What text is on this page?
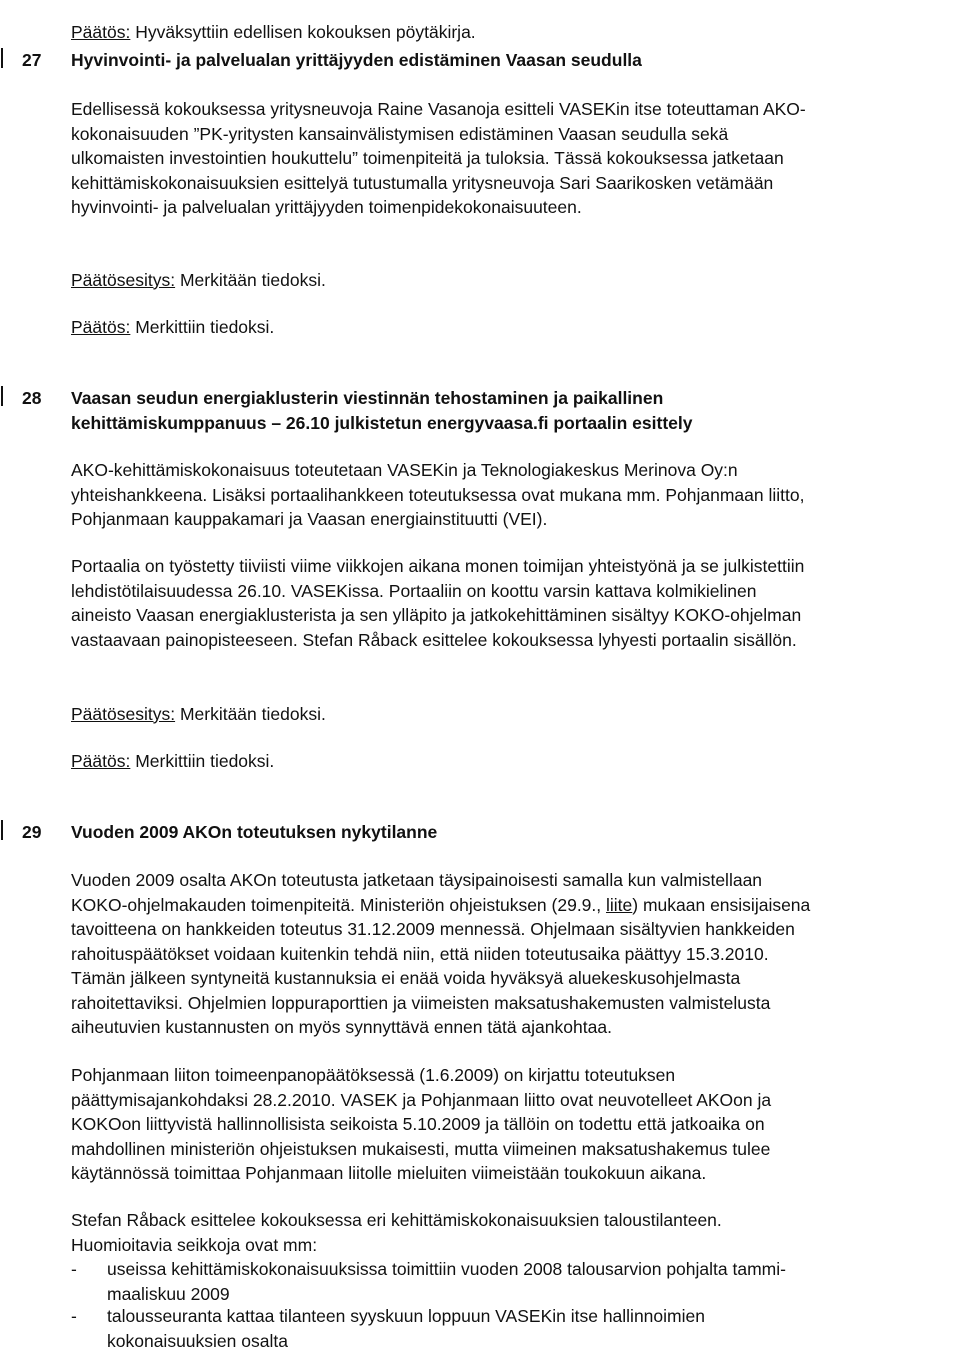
Päätös: Hyväksyttiin edellisen kokouksen pöytäkirja.

27 Hyvinvointi- ja palvelualan yrittäjyyden edistäminen Vaasan seudulla
Edellisessä kokouksessa yritysneuvoja Raine Vasanoja esitteli VASEKin itse toteuttaman AKO-
kokonaisuuden ”PK-yritysten kansainvälistymisen edistäminen Vaasan seudulla sekä
ulkomaisten investointien houkuttelu” toimenpiteitä ja tuloksia. Tässä kokouksessa jatketaan
kehittämiskokonaisuuksien esittelyä tutustumalla yritysneuvoja Sari Saarikosken vetämään
hyvinvointi- ja palvelualan yrittäjyyden toimenpidekokonaisuuteen.

Päätösesitys: Merkitään tiedoksi.

Päätös: Merkittiin tiedoksi.

28 Vaasan seudun energiaklusterin viestinnän tehostaminen ja paikallinen
kehittämiskumppanuus – 26.10 julkistetun energyvaasa.fi portaalin esittely
AKO-kehittämiskokonaisuus toteutetaan VASEKin ja Teknologiakeskus Merinova Oy:n
yhteishankkeena. Lisäksi portaalihankkeen toteutuksessa ovat mukana mm. Pohjanmaan liitto,
Pohjanmaan kauppakamari ja Vaasan energiainstituutti (VEI).
Portaalia on työstetty tiiviisti viime viikkojen aikana monen toimijan yhteistyönä ja se julkistettiin
lehdistötilaisuudessa 26.10. VASEKissa. Portaaliin on koottu varsin kattava kolmikielinen
aineisto Vaasan energiaklusterista ja sen ylläpito ja jatkokehittäminen sisältyy KOKO-ohjelman
vastaavaan painopisteeseen. Stefan Råback esittelee kokouksessa lyhyesti portaalin sisällön.

Päätösesitys: Merkitään tiedoksi.

Päätös: Merkittiin tiedoksi.

29 Vuoden 2009 AKOn toteutuksen nykytilanne
Vuoden 2009 osalta AKOn toteutusta jatketaan täysipainoisesti samalla kun valmistellaan
KOKO-ohjelmakauden toimenpiteitä. Ministeriön ohjeistuksen (29.9., liite) mukaan ensisijaisena
tavoitteena on hankkeiden toteutus 31.12.2009 mennessä. Ohjelmaan sisältyvien hankkeiden
rahoituspäätökset voidaan kuitenkin tehdä niin, että niiden toteutusaika päättyy 15.3.2010.
Tämän jälkeen syntyneitä kustannuksia ei enää voida hyväksyä aluekeskusohjelmasta
rahoitettaviksi. Ohjelmien loppuraporttien ja viimeisten maksatushakemusten valmistelusta
aiheutuvien kustannusten on myös synnyttävä ennen tätä ajankohtaa.
Pohjanmaan liiton toimeenpanopäätöksessä (1.6.2009) on kirjattu toteutuksen
päättymisajankohdaksi 28.2.2010. VASEK ja Pohjanmaan liitto ovat neuvotelleet AKOon ja
KOKOon liittyvistä hallinnollisista seikoista 5.10.2009 ja tällöin on todettu että jatkoaika on
mahdollinen ministeriön ohjeistuksen mukaisesti, mutta viimeinen maksatushakemus tulee
käytännössä toimittaa Pohjanmaan liitolle mieluiten viimeistään toukokuun aikana.
Stefan Råback esittelee kokouksessa eri kehittämiskokonaisuuksien taloustilanteen.
Huomioitavia seikkoja ovat mm:
- useissa kehittämiskokonaisuuksissa toimittiin vuoden 2008 talousarvion pohjalta tammi-
maaliskuu 2009
- talousseuranta kattaa tilanteen syyskuun loppuun VASEKin itse hallinnoimien
kokonaisuuksien osalta
